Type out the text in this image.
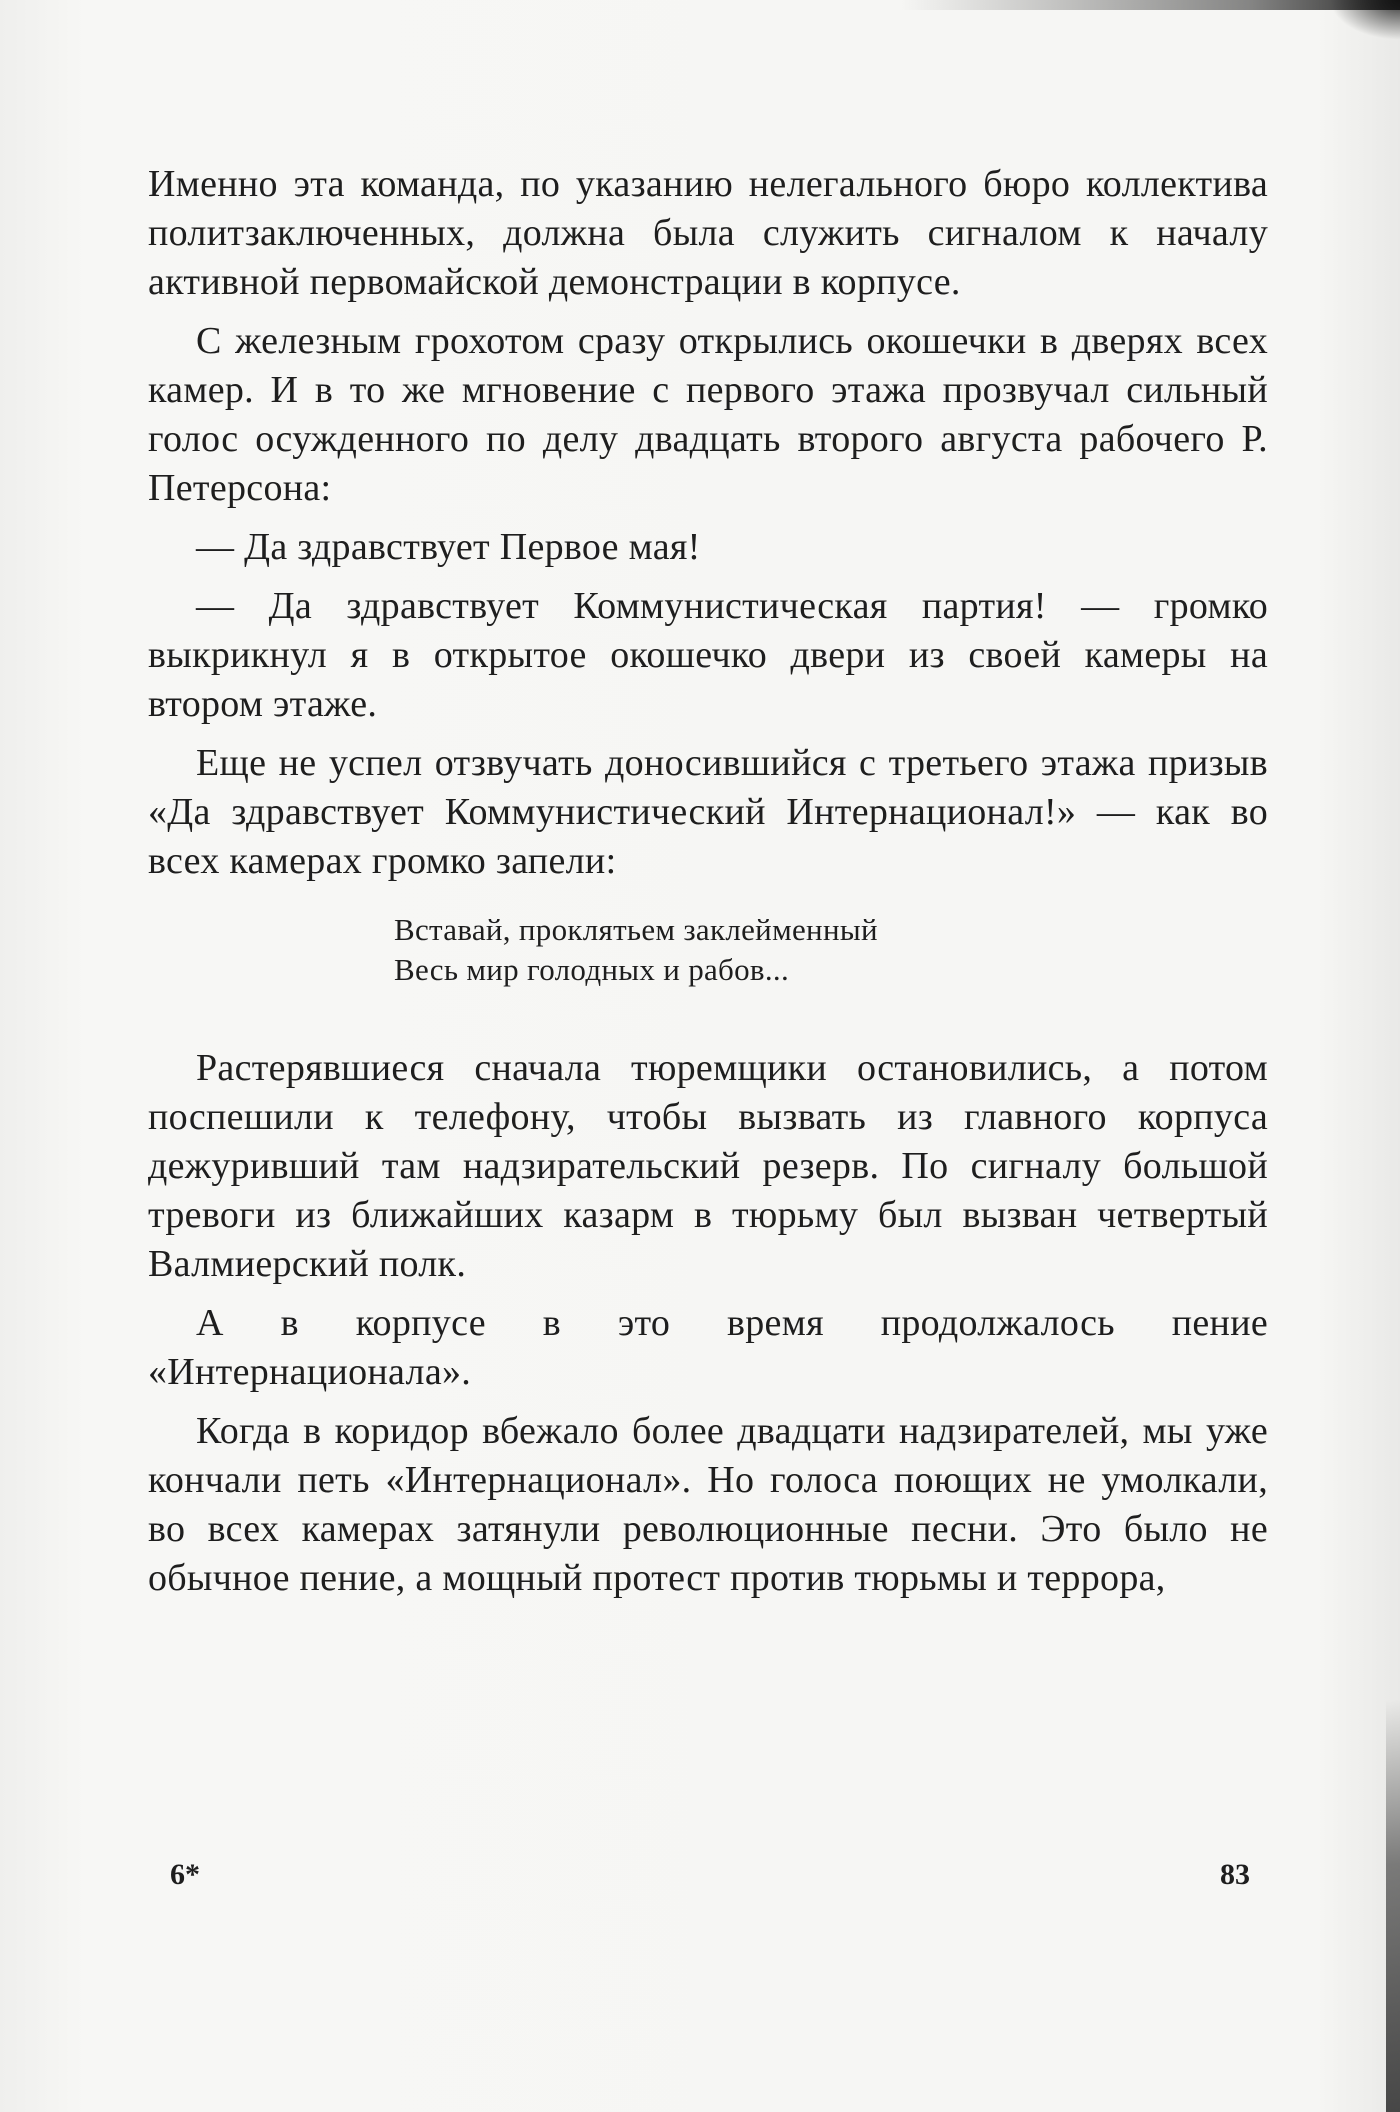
Именно эта команда, по указанию нелегального бюро коллектива политзаключенных, должна была служить сигналом к началу активной первомайской демонстрации в корпусе.

С железным грохотом сразу открылись окошечки в дверях всех камер. И в то же мгновение с первого этажа прозвучал сильный голос осужденного по делу двадцать второго августа рабочего Р. Петерсона:

— Да здравствует Первое мая!

— Да здравствует Коммунистическая партия! — громко выкрикнул я в открытое окошечко двери из своей камеры на втором этаже.

Еще не успел отзвучать доносившийся с третьего этажа призыв «Да здравствует Коммунистический Интернационал!» — как во всех камерах громко запели:

Вставай, проклятьем заклейменный
Весь мир голодных и рабов...

Растерявшиеся сначала тюремщики остановились, а потом поспешили к телефону, чтобы вызвать из главного корпуса дежуривший там надзирательский резерв. По сигналу большой тревоги из ближайших казарм в тюрьму был вызван четвертый Валмиерский полк.

А в корпусе в это время продолжалось пение «Интернационала».

Когда в коридор вбежало более двадцати надзирателей, мы уже кончали петь «Интернационал». Но голоса поющих не умолкали, во всех камерах затянули революционные песни. Это было не обычное пение, а мощный протест против тюрьмы и террора,

6*	83
